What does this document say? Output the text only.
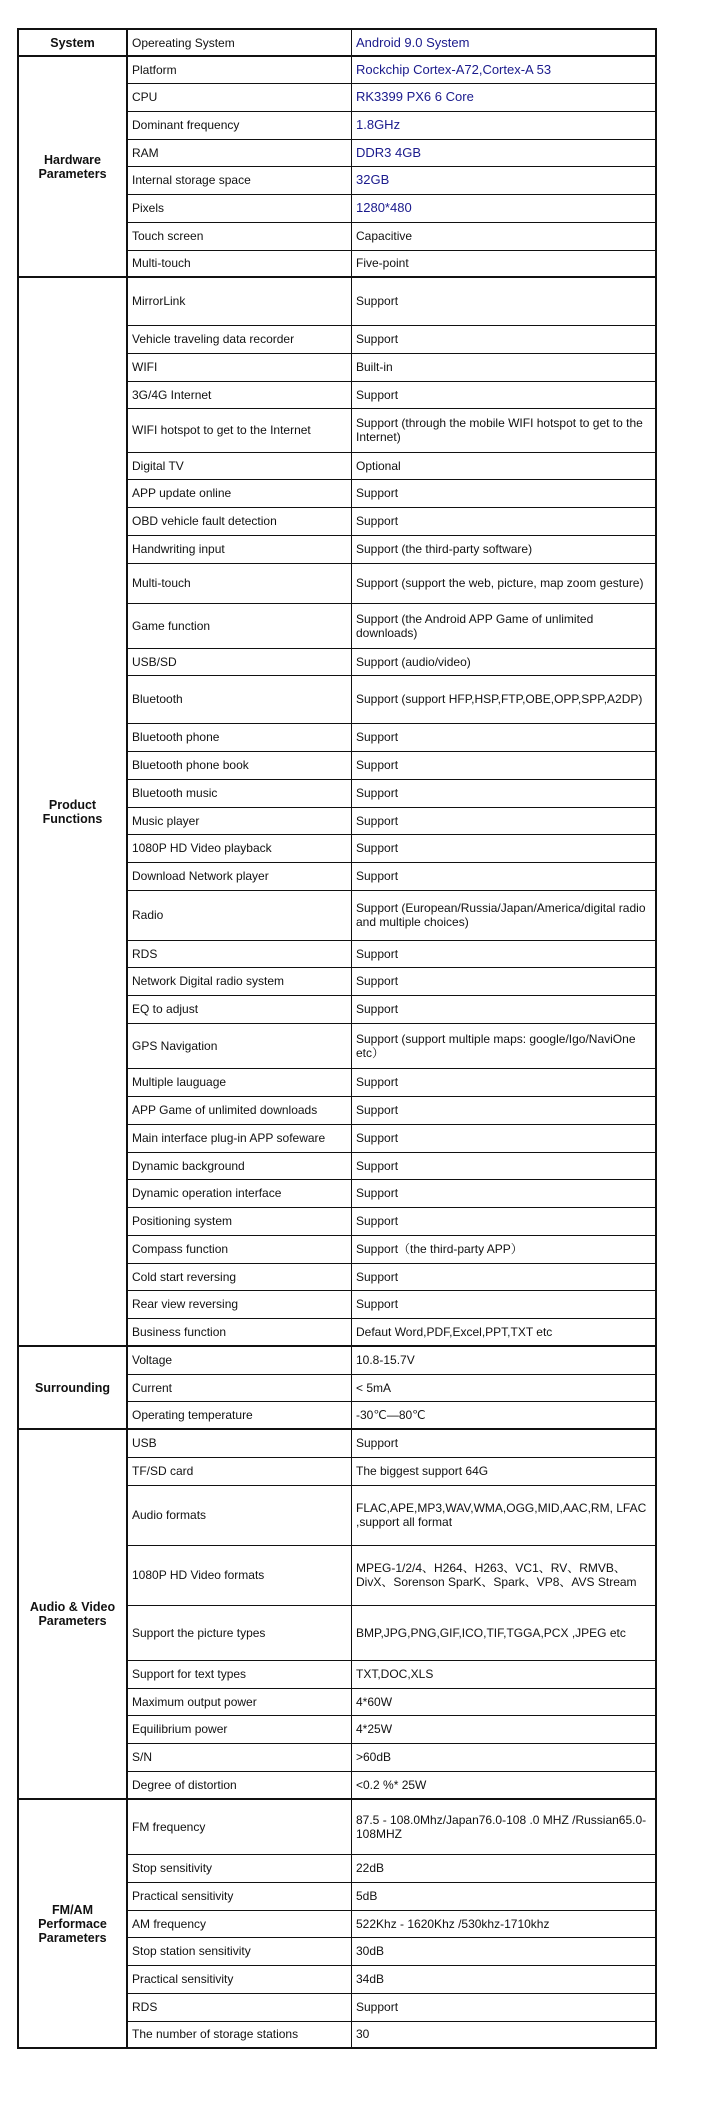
System	Opereating System	Android 9.0 System
Hardware Parameters	Platform	Rockchip Cortex-A72,Cortex-A 53
	CPU	RK3399 PX6 6 Core
	Dominant frequency	1.8GHz
	RAM	DDR3 4GB
	Internal storage space	32GB
	Pixels	1280*480
	Touch screen	Capacitive
	Multi-touch	Five-point
Product Functions	MirrorLink	Support
	Vehicle traveling data recorder	Support
	WIFI	Built-in
	3G/4G Internet	Support
	WIFI hotspot to get to the Internet	Support (through the mobile WIFI hotspot to get to the Internet)
	Digital TV	Optional
	APP update online	Support
	OBD vehicle fault detection	Support
	Handwriting input	Support (the third-party software)
	Multi-touch	Support (support the web, picture, map zoom gesture)
	Game function	Support (the Android APP Game of unlimited downloads)
	USB/SD	Support (audio/video)
	Bluetooth	Support (support HFP,HSP,FTP,OBE,OPP,SPP,A2DP)
	Bluetooth phone	Support
	Bluetooth phone book	Support
	Bluetooth music	Support
	Music player	Support
	1080P HD Video playback	Support
	Download Network player	Support
	Radio	Support (European/Russia/Japan/America/digital radio and multiple choices)
	RDS	Support
	Network Digital radio system	Support
	EQ to adjust	Support
	GPS Navigation	Support (support multiple maps: google/Igo/NaviOne etc）
	Multiple lauguage	Support
	APP Game of unlimited downloads	Support
	Main interface plug-in APP sofeware	Support
	Dynamic background	Support
	Dynamic operation interface	Support
	Positioning system	Support
	Compass function	Support（the third-party APP）
	Cold start reversing	Support
	Rear view reversing	Support
	Business function	Defaut Word,PDF,Excel,PPT,TXT etc
Surrounding	Voltage	10.8-15.7V
	Current	< 5mA
	Operating temperature	-30℃—80℃
Audio & Video Parameters	USB	Support
	TF/SD card	The biggest support 64G
	Audio formats	FLAC,APE,MP3,WAV,WMA,OGG,MID,AAC,RM, LFAC ,support all format
	1080P HD Video formats	MPEG-1/2/4、H264、H263、VC1、RV、RMVB、DivX、Sorenson SparK、Spark、VP8、AVS Stream
	Support the picture types	BMP,JPG,PNG,GIF,ICO,TIF,TGGA,PCX ,JPEG etc
	Support for text types	TXT,DOC,XLS
	Maximum output power	4*60W
	Equilibrium power	4*25W
	S/N	>60dB
	Degree of distortion	<0.2 %* 25W
FM/AM Performace Parameters	FM frequency	87.5 - 108.0Mhz/Japan76.0-108 .0 MHZ /Russian65.0-108MHZ
	Stop sensitivity	22dB
	Practical sensitivity	5dB
	AM frequency	522Khz - 1620Khz /530khz-1710khz
	Stop station sensitivity	30dB
	Practical sensitivity	34dB
	RDS	Support
	The number of storage stations	30
